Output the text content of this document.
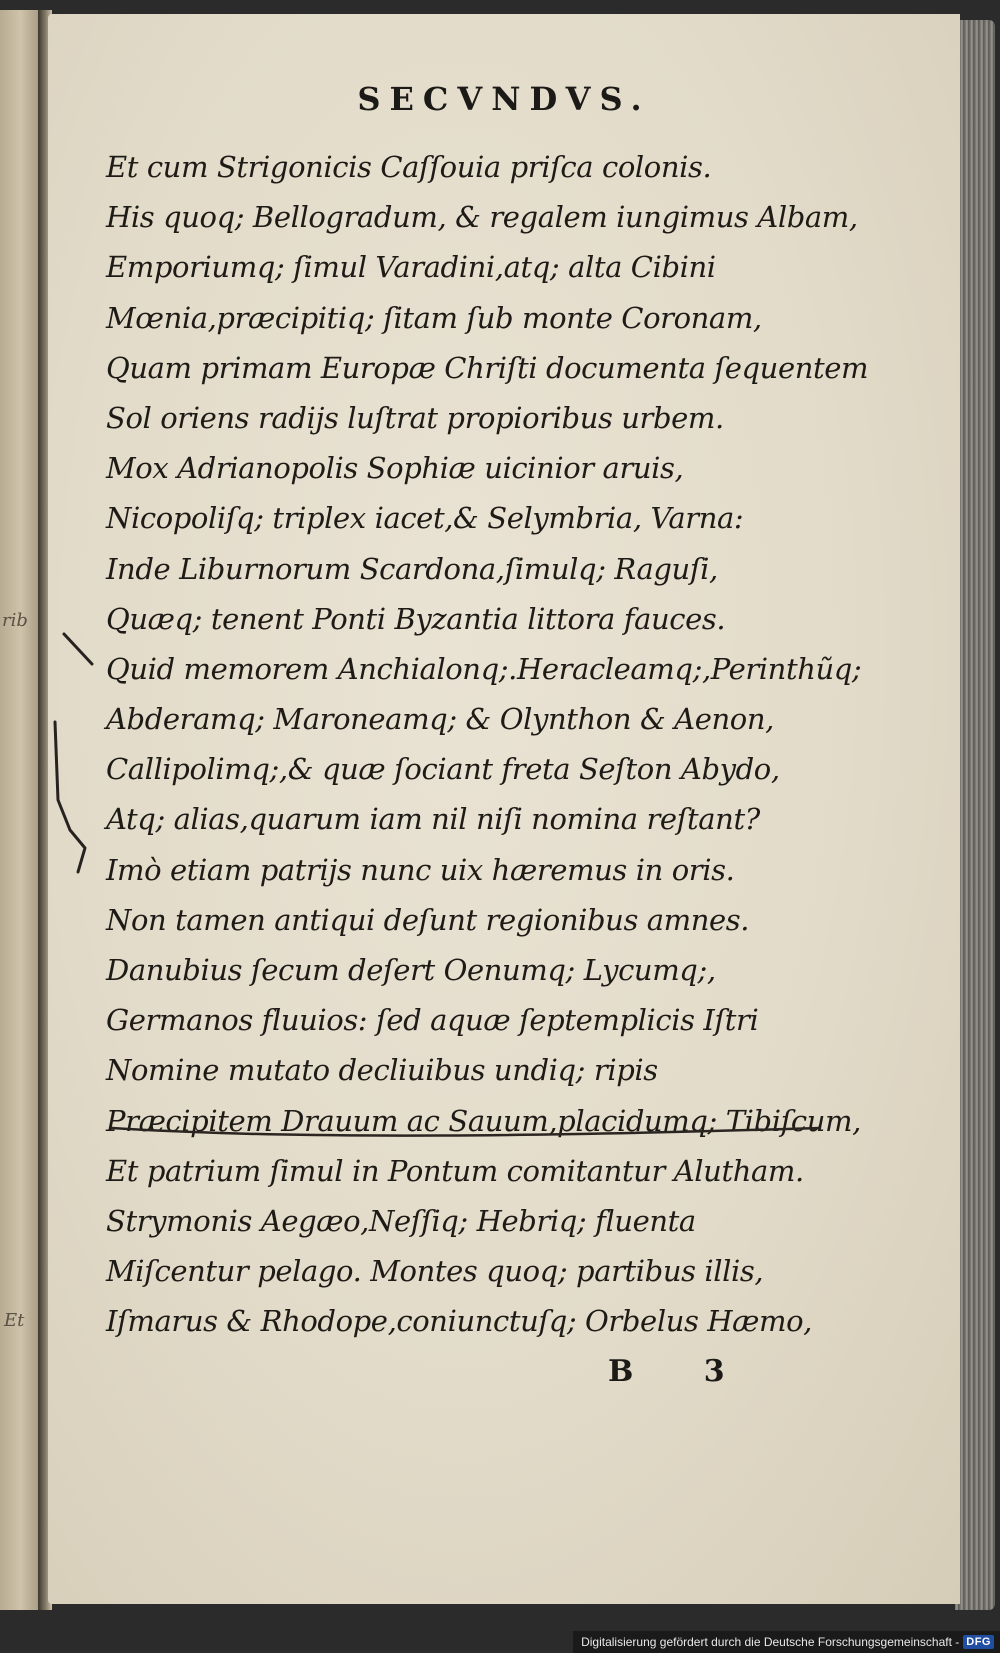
rib
Et
SECVNDVS.
Et cum Strigonicis Caſſouia priſca colonis.
His quoq; Bellogradum, & regalem iungimus Albam,
Emporiumq; ſimul Varadini,atq; alta Cibini
Mœnia,præcipitiq; ſitam ſub monte Coronam,
Quam primam Europæ Chriſti documenta ſequentem
Sol oriens radijs luſtrat propioribus urbem.
Mox Adrianopolis Sophiæ uicinior aruis,
Nicopoliſq; triplex iacet,& Selymbria, Varna:
Inde Liburnorum Scardona,ſimulq; Raguſi,
Quæq; tenent Ponti Byzantia littora fauces.
Quid memorem Anchialonq;.Heracleamq;,Perinthũq;
Abderamq; Maroneamq; & Olynthon & Aenon,
Callipolimq;,& quæ ſociant freta Seſton Abydo,
Atq; alias,quarum iam nil niſi nomina reſtant?
Imò etiam patrijs nunc uix hæremus in oris.
Non tamen antiqui deſunt regionibus amnes.
Danubius ſecum deſert Oenumq; Lycumq;,
Germanos fluuios: ſed aquæ ſeptemplicis Iſtri
Nomine mutato decliuibus undiq; ripis
Præcipitem Drauum ac Sauum,placidumq; Tibiſcum,
Et patrium ſimul in Pontum comitantur Alutham.
Strymonis Aegæo,Neſſiq; Hebriq; fluenta
Miſcentur pelago. Montes quoq; partibus illis,
Iſmarus & Rhodope,coniunctuſq; Orbelus Hæmo,
B 3
Digitalisierung gefördert durch die Deutsche Forschungsgemeinschaft - DFG
